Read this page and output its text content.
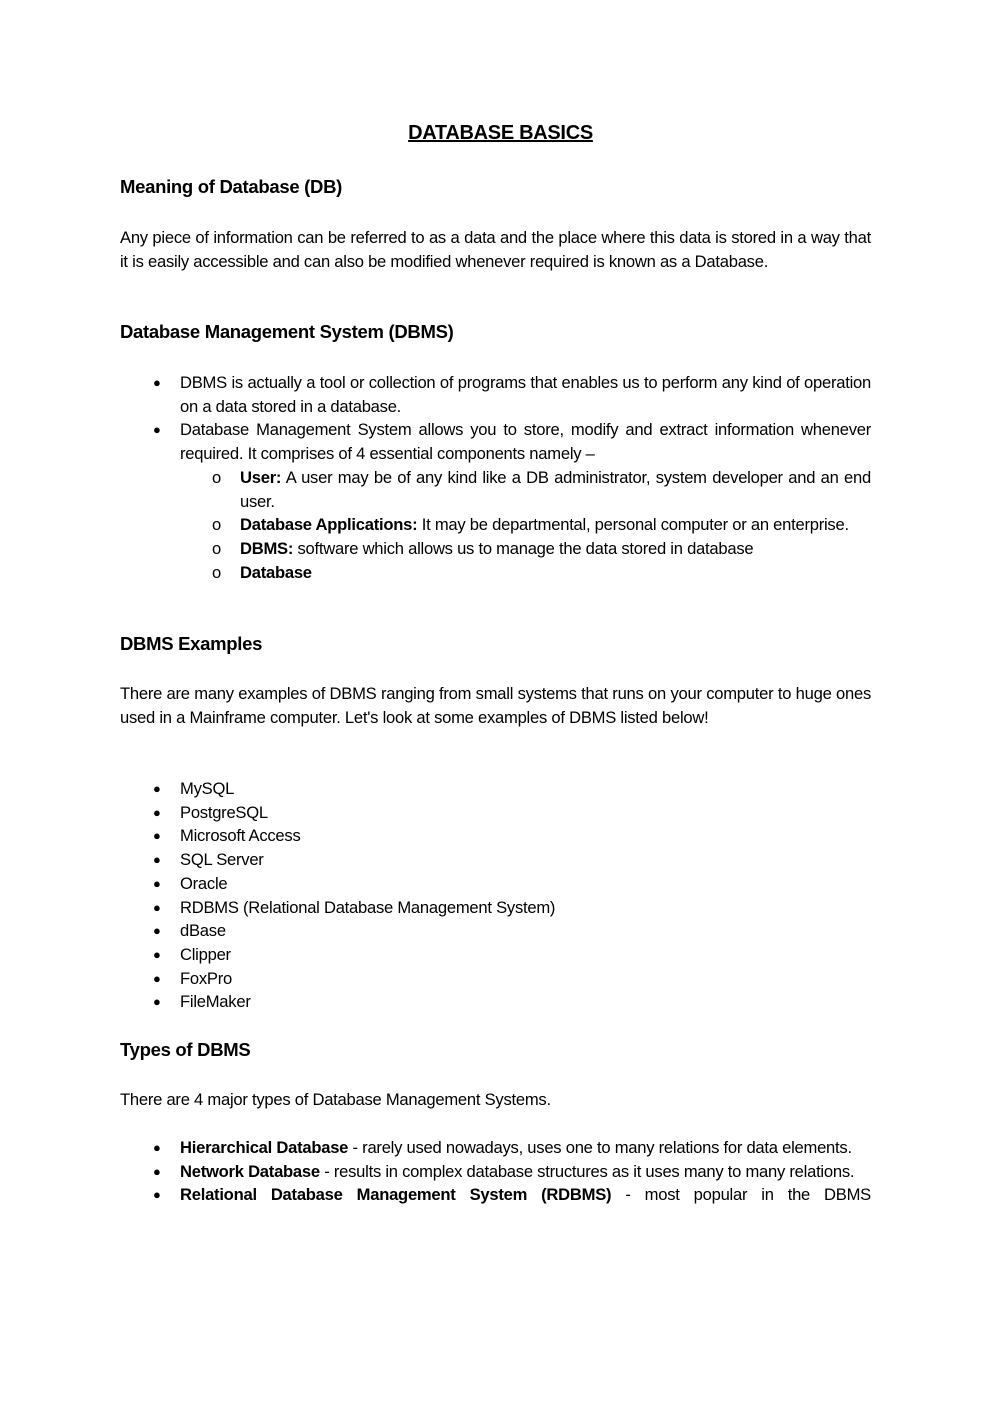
DATABASE BASICS
Meaning of Database (DB)
Any piece of information can be referred to as a data and the place where this data is stored in a way that it is easily accessible and can also be modified whenever required is known as a Database.
Database Management System (DBMS)
● DBMS is actually a tool or collection of programs that enables us to perform any kind of operation on a data stored in a database.
● Database Management System allows you to store, modify and extract information whenever required. It comprises of 4 essential components namely –
o User: A user may be of any kind like a DB administrator, system developer and an end user.
o Database Applications: It may be departmental, personal computer or an enterprise.
o DBMS: software which allows us to manage the data stored in database
o Database
DBMS Examples
There are many examples of DBMS ranging from small systems that runs on your computer to huge ones used in a Mainframe computer. Let's look at some examples of DBMS listed below!
● MySQL
● PostgreSQL
● Microsoft Access
● SQL Server
● Oracle
● RDBMS (Relational Database Management System)
● dBase
● Clipper
● FoxPro
● FileMaker
Types of DBMS
There are 4 major types of Database Management Systems.
● Hierarchical Database - rarely used nowadays, uses one to many relations for data elements.
● Network Database - results in complex database structures as it uses many to many relations.
● Relational Database Management System (RDBMS) - most popular in the DBMS
